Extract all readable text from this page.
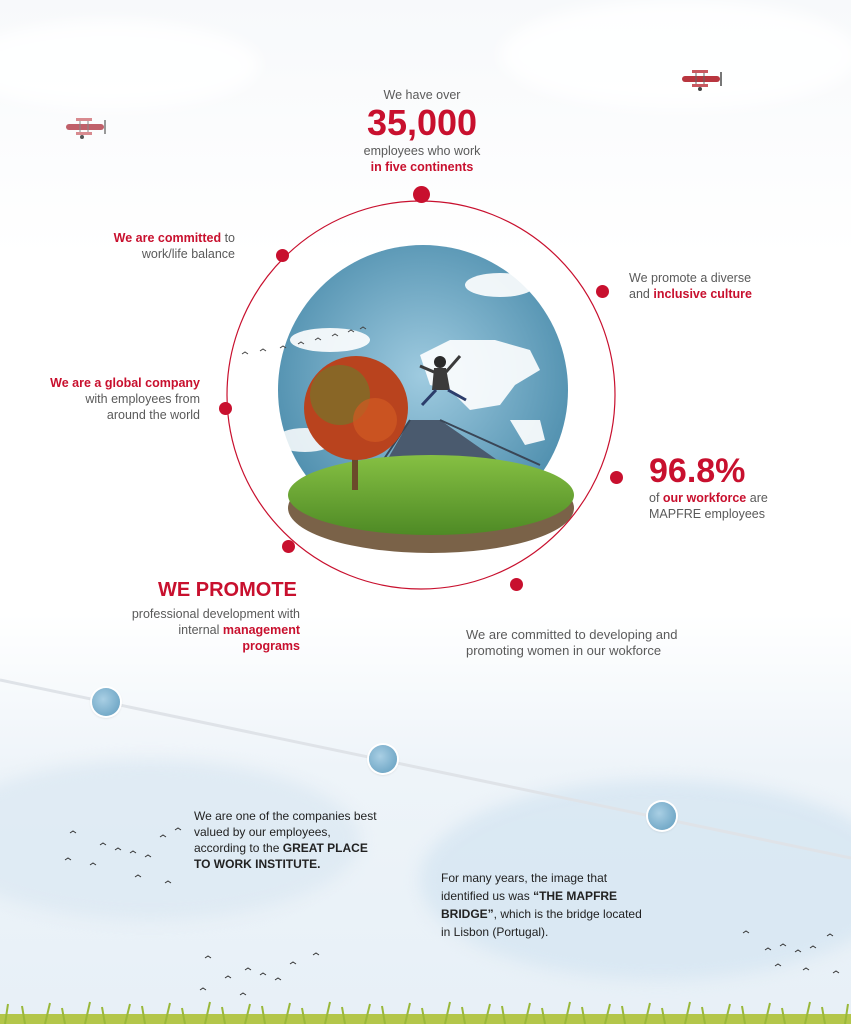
We have over
35,000
employees who work
in five continents
We are committed to
work/life balance
We promote a diverse
and inclusive culture
We are a global company
with employees from
around the world
96.8%
of our workforce are
MAPFRE employees
WE PROMOTE
professional development with
internal management
programs
We are committed to developing and
promoting women in our wokforce
We are one of the companies best
valued by our employees,
according to the GREAT PLACE
TO WORK INSTITUTE.
For many years, the image that
identified us was “THE MAPFRE
BRIDGE”, which is the bridge located
in Lisbon (Portugal).
